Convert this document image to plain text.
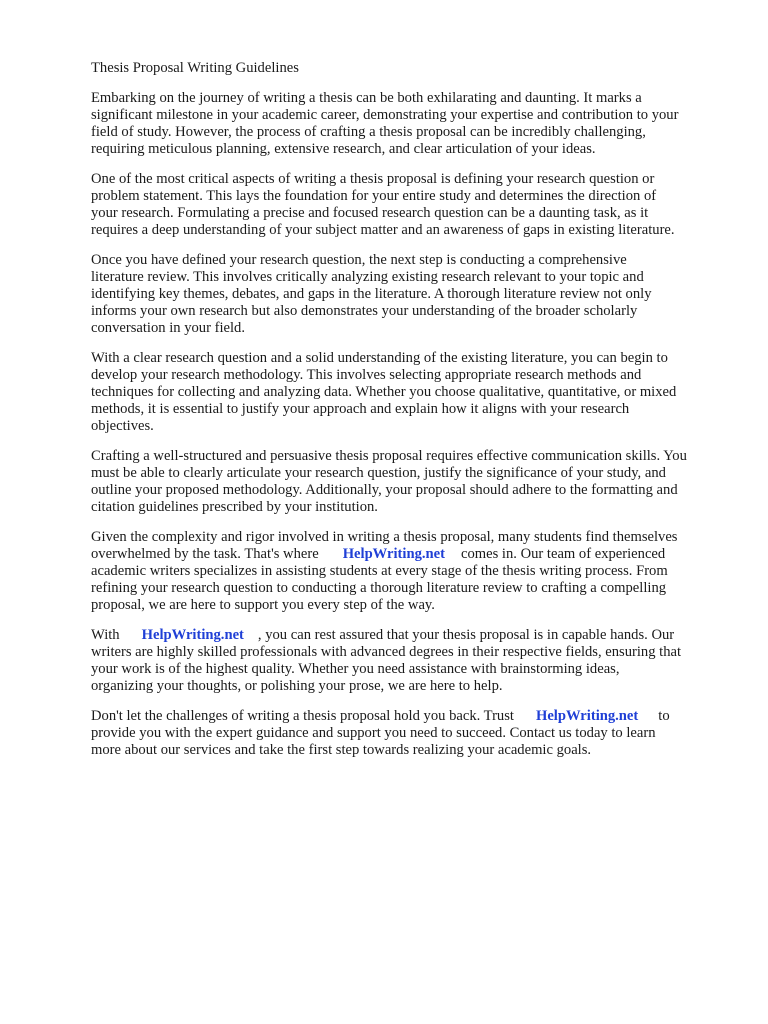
Thesis Proposal Writing Guidelines

Embarking on the journey of writing a thesis can be both exhilarating and daunting. It marks a
significant milestone in your academic career, demonstrating your expertise and contribution to your
field of study. However, the process of crafting a thesis proposal can be incredibly challenging,
requiring meticulous planning, extensive research, and clear articulation of your ideas.

One of the most critical aspects of writing a thesis proposal is defining your research question or
problem statement. This lays the foundation for your entire study and determines the direction of
your research. Formulating a precise and focused research question can be a daunting task, as it
requires a deep understanding of your subject matter and an awareness of gaps in existing literature.

Once you have defined your research question, the next step is conducting a comprehensive
literature review. This involves critically analyzing existing research relevant to your topic and
identifying key themes, debates, and gaps in the literature. A thorough literature review not only
informs your own research but also demonstrates your understanding of the broader scholarly
conversation in your field.

With a clear research question and a solid understanding of the existing literature, you can begin to
develop your research methodology. This involves selecting appropriate research methods and
techniques for collecting and analyzing data. Whether you choose qualitative, quantitative, or mixed
methods, it is essential to justify your approach and explain how it aligns with your research
objectives.

Crafting a well-structured and persuasive thesis proposal requires effective communication skills. You
must be able to clearly articulate your research question, justify the significance of your study, and
outline your proposed methodology. Additionally, your proposal should adhere to the formatting and
citation guidelines prescribed by your institution.

Given the complexity and rigor involved in writing a thesis proposal, many students find themselves
overwhelmed by the task. That's where HelpWriting.net comes in. Our team of experienced
academic writers specializes in assisting students at every stage of the thesis writing process. From
refining your research question to conducting a thorough literature review to crafting a compelling
proposal, we are here to support you every step of the way.

With HelpWriting.net , you can rest assured that your thesis proposal is in capable hands. Our
writers are highly skilled professionals with advanced degrees in their respective fields, ensuring that
your work is of the highest quality. Whether you need assistance with brainstorming ideas,
organizing your thoughts, or polishing your prose, we are here to help.

Don't let the challenges of writing a thesis proposal hold you back. Trust HelpWriting.net to
provide you with the expert guidance and support you need to succeed. Contact us today to learn
more about our services and take the first step towards realizing your academic goals.
